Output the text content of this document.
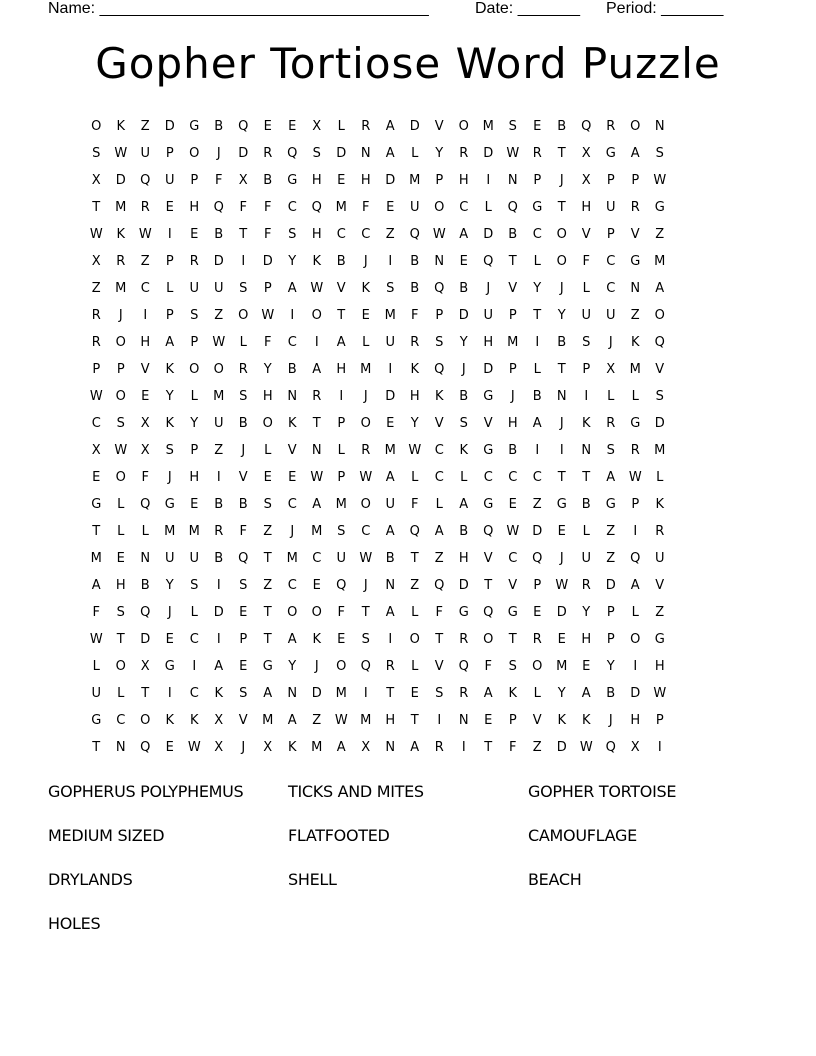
Name: _____________________________________	Date: _______ Period: _______
Gopher Tortiose Word Puzzle
O	K	Z	D	G	B	Q	E	E	X	L	R	A	D	V	O	M	S	E	B	Q	R	O	N
S	W	U	P	O	J	D	R	Q	S	D	N	A	L	Y	R	D	W	R	T	X	G	A	S
X	D	Q	U	P	F	X	B	G	H	E	H	D	M	P	H	I	N	P	J	X	P	P	W
T	M	R	E	H	Q	F	F	C	Q	M	F	E	U	O	C	L	Q	G	T	H	U	R	G
W	K	W	I	E	B	T	F	S	H	C	C	Z	Q W	A	D	B	C	O	V	P	V	Z
X	R	Z	P	R	D	I	D	Y	K	B	J	I	B	N	E	Q	T	L	O	F	C	G	M
Z	M	C	L	U	U	S	P	A	W	V	K	S	B	Q	B	J	V	Y	J	L	C	N	A
R	J	I	P	S	Z	O W	I	O	T	E	M	F	P	D	U	P	T	Y	U	U	Z	O
R	O	H	A	P	W	L	F	C	I	A	L	U	R	S	Y	H	M	I	B	S	J	K	Q
P	P	V	K	O	O	R	Y	B	A	H	M	I	K	Q	J	D	P	L	T	P	X	M	V
W O	E	Y	L	M	S	H	N	R	I	J	D	H	K	B	G	J	B	N	I	L	L	S
C	S	X	K	Y	U	B	O	K	T	P	O	E	Y	V	S	V	H	A	J	K	R	G	D
X	W	X	S	P	Z	J	L	V	N	L	R	M W	C	K	G	B	I	I	N	S	R	M
E	O	F	J	H	I	V	E	E	W	P	W	A	L	C	L	C	C	C	T	T	A	W	L
G	L	Q	G	E	B	B	S	C	A	M	O	U	F	L	A	G	E	Z	G	B	G	P	K
T	L	L	M	M	R	F	Z	J	M	S	C	A	Q	A	B	Q W	D	E	L	Z	I	R
M	E	N	U	U	B	Q	T	M	C	U	W	B	T	Z	H	V	C	Q	J	U	Z	Q	U
A	H	B	Y	S	I	S	Z	C	E	Q	J	N	Z	Q	D	T	V	P	W	R	D	A	V
F	S	Q	J	L	D	E	T	O	O	F	T	A	L	F	G	Q	G	E	D	Y	P	L	Z
W	T	D	E	C	I	P	T	A	K	E	S	I	O	T	R	O	T	R	E	H	P	O	G
L	O	X	G	I	A	E	G	Y	J	O	Q	R	L	V	Q	F	S	O	M	E	Y	I	H
U	L	T	I	C	K	S	A	N	D	M	I	T	E	S	R	A	K	L	Y	A	B	D	W
G	C	O	K	K	X	V	M	A	Z	W M	H	T	I	N	E	P	V	K	K	J	H	P
T	N	Q	E	W	X	J	X	K	M	A	X	N	A	R	I	T	F	Z	D	W Q	X	I
GOPHERUS POLYPHEMUS	TICKS AND MITES	GOPHER TORTOISE
MEDIUM SIZED	FLATFOOTED	CAMOUFLAGE
DRYLANDS	SHELL	BEACH
HOLES
